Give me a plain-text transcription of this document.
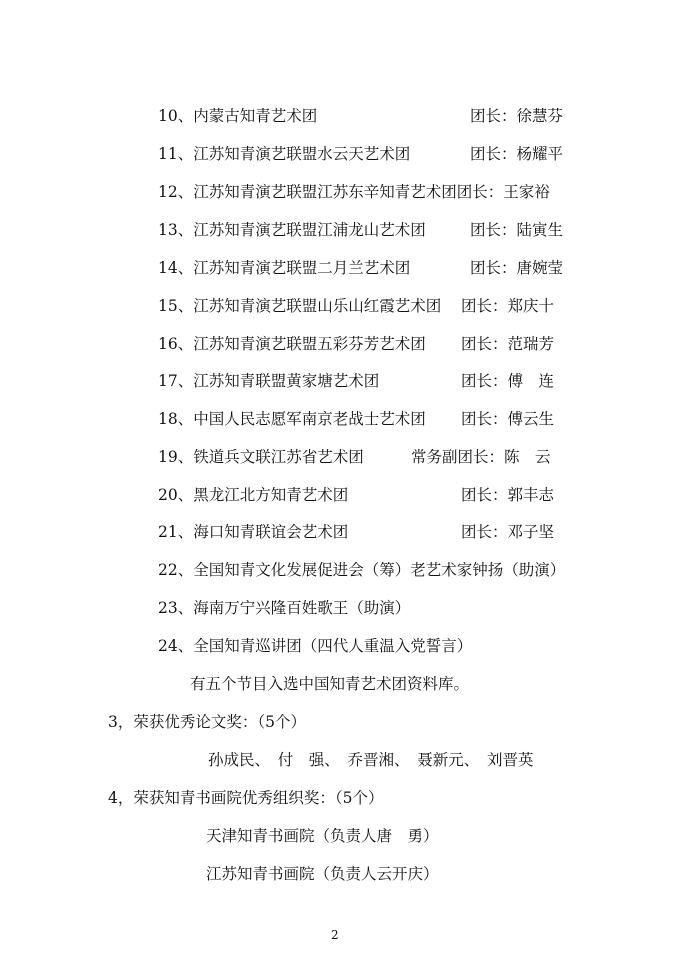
10、内蒙古知青艺术团	团长：徐慧芬
11、江苏知青演艺联盟水云天艺术团	团长：杨耀平
12、江苏知青演艺联盟江苏东辛知青艺术团团长：王家裕
13、江苏知青演艺联盟江浦龙山艺术团	团长：陆寅生
14、江苏知青演艺联盟二月兰艺术团	团长：唐婉莹
15、江苏知青演艺联盟山乐山红霞艺术团 团长：郑庆十
16、江苏知青演艺联盟五彩芬芳艺术团 团长：范瑞芳
17、江苏知青联盟黄家塘艺术团	团长：傅　连
18、中国人民志愿军南京老战士艺术团 团长：傅云生
19、铁道兵文联江苏省艺术团	常务副团长：陈　云
20、黑龙江北方知青艺术团	团长：郭丰志
21、海口知青联谊会艺术团	团长：邓子坚
22、全国知青文化发展促进会（筹）老艺术家钟扬（助演）
23、海南万宁兴隆百姓歌王（助演）
24、全国知青巡讲团（四代人重温入党誓言）
有五个节目入选中国知青艺术团资料库。
3，荣获优秀论文奖：（5个）
孙成民、　付　强、　乔晋湘、　聂新元、　刘晋英
4，荣获知青书画院优秀组织奖：（5个）
天津知青书画院（负责人唐　勇）
江苏知青书画院（负责人云开庆）
2
